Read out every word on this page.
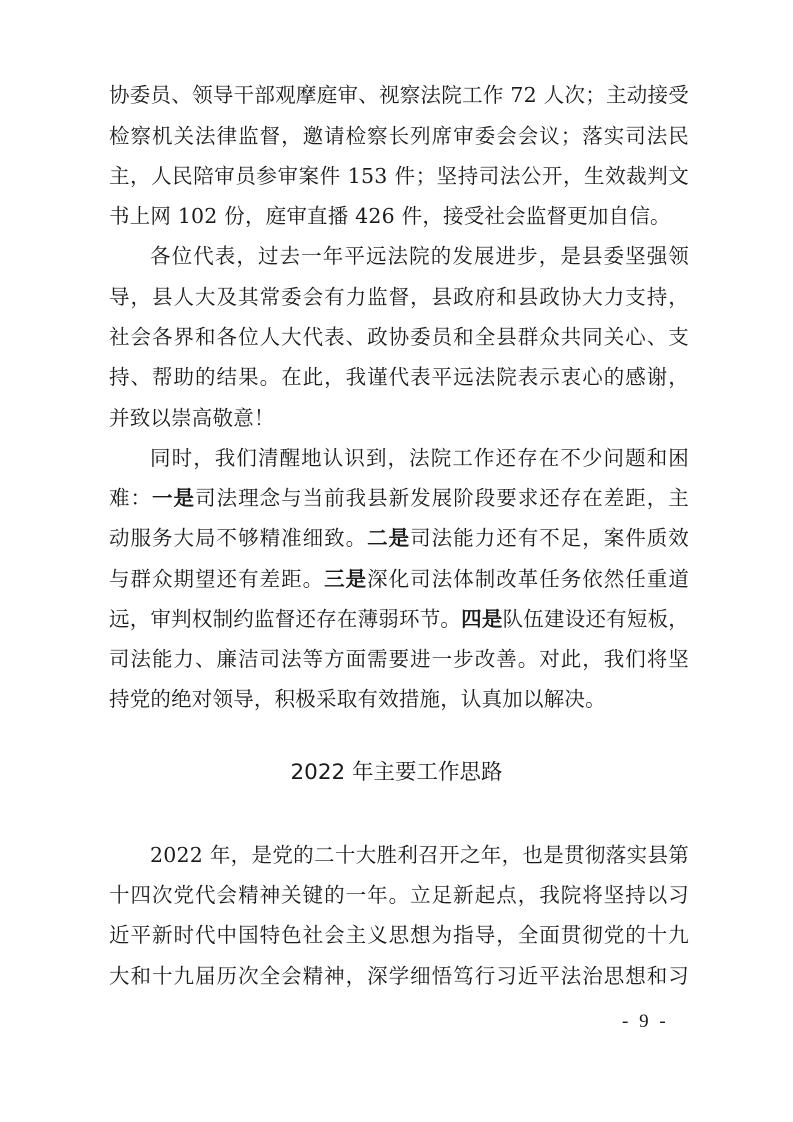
协委员、领导干部观摩庭审、视察法院工作 72 人次；主动接受
检察机关法律监督，邀请检察长列席审委会会议；落实司法民
主，人民陪审员参审案件 153 件；坚持司法公开，生效裁判文
书上网 102 份，庭审直播 426 件，接受社会监督更加自信。
各位代表，过去一年平远法院的发展进步，是县委坚强领
导，县人大及其常委会有力监督，县政府和县政协大力支持，
社会各界和各位人大代表、政协委员和全县群众共同关心、支
持、帮助的结果。在此，我谨代表平远法院表示衷心的感谢，
并致以崇高敬意！
同时，我们清醒地认识到，法院工作还存在不少问题和困
难：一是司法理念与当前我县新发展阶段要求还存在差距，主
动服务大局不够精准细致。二是司法能力还有不足，案件质效
与群众期望还有差距。三是深化司法体制改革任务依然任重道
远，审判权制约监督还存在薄弱环节。四是队伍建设还有短板，
司法能力、廉洁司法等方面需要进一步改善。对此，我们将坚
持党的绝对领导，积极采取有效措施，认真加以解决。
2022 年主要工作思路
2022 年，是党的二十大胜利召开之年，也是贯彻落实县第
十四次党代会精神关键的一年。立足新起点，我院将坚持以习
近平新时代中国特色社会主义思想为指导，全面贯彻党的十九
大和十九届历次全会精神，深学细悟笃行习近平法治思想和习
- 9 -
